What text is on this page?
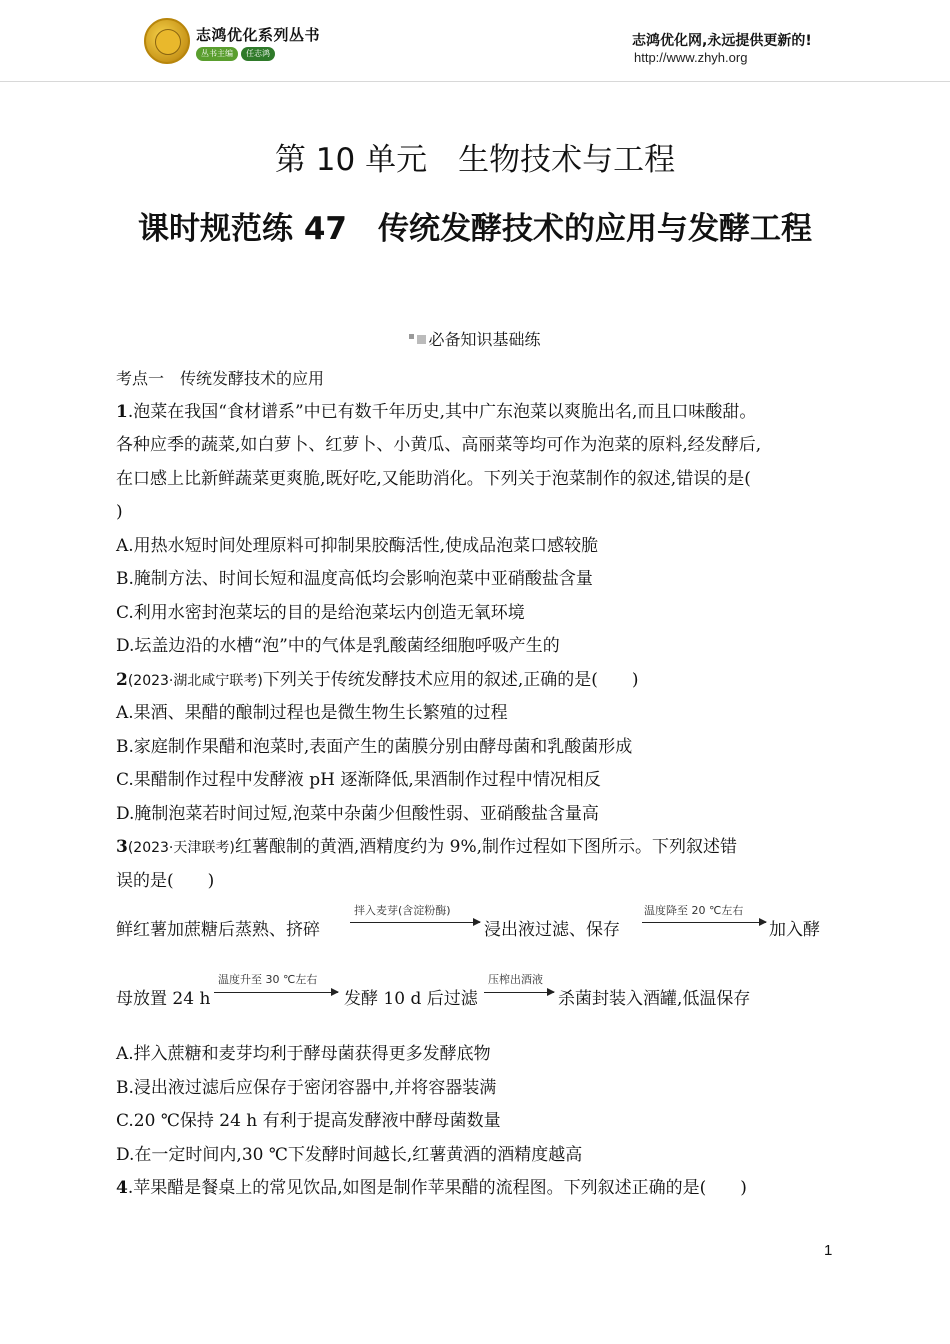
志鸿优化系列丛书
丛书主编	任志鸿
志鸿优化网,永远提供更新的!
http://www.zhyh.org
第 10 单元　生物技术与工程
课时规范练 47　传统发酵技术的应用与发酵工程
必备知识基础练
考点一　传统发酵技术的应用
1.泡菜在我国“食材谱系”中已有数千年历史,其中广东泡菜以爽脆出名,而且口味酸甜。
各种应季的蔬菜,如白萝卜、红萝卜、小黄瓜、高丽菜等均可作为泡菜的原料,经发酵后,
在口感上比新鲜蔬菜更爽脆,既好吃,又能助消化。下列关于泡菜制作的叙述,错误的是(
)
A.用热水短时间处理原料可抑制果胶酶活性,使成品泡菜口感较脆
B.腌制方法、时间长短和温度高低均会影响泡菜中亚硝酸盐含量
C.利用水密封泡菜坛的目的是给泡菜坛内创造无氧环境
D.坛盖边沿的水槽“泡”中的气体是乳酸菌经细胞呼吸产生的
2(2023·湖北咸宁联考)下列关于传统发酵技术应用的叙述,正确的是(　　)
A.果酒、果醋的酿制过程也是微生物生长繁殖的过程
B.家庭制作果醋和泡菜时,表面产生的菌膜分别由酵母菌和乳酸菌形成
C.果醋制作过程中发酵液 pH 逐渐降低,果酒制作过程中情况相反
D.腌制泡菜若时间过短,泡菜中杂菌少但酸性弱、亚硝酸盐含量高
3(2023·天津联考)红薯酿制的黄酒,酒精度约为 9%,制作过程如下图所示。下列叙述错
误的是(　　)
鲜红薯加蔗糖后蒸熟、挤碎
拌入麦芽(含淀粉酶)
浸出液过滤、保存
温度降至 20 ℃左右
加入酵
母放置 24 h
温度升至 30 ℃左右
发酵 10 d 后过滤
压榨出酒液
杀菌封装入酒罐,低温保存
A.拌入蔗糖和麦芽均利于酵母菌获得更多发酵底物
B.浸出液过滤后应保存于密闭容器中,并将容器装满
C.20 ℃保持 24 h 有利于提高发酵液中酵母菌数量
D.在一定时间内,30 ℃下发酵时间越长,红薯黄酒的酒精度越高
4.苹果醋是餐桌上的常见饮品,如图是制作苹果醋的流程图。下列叙述正确的是(　　)
1
